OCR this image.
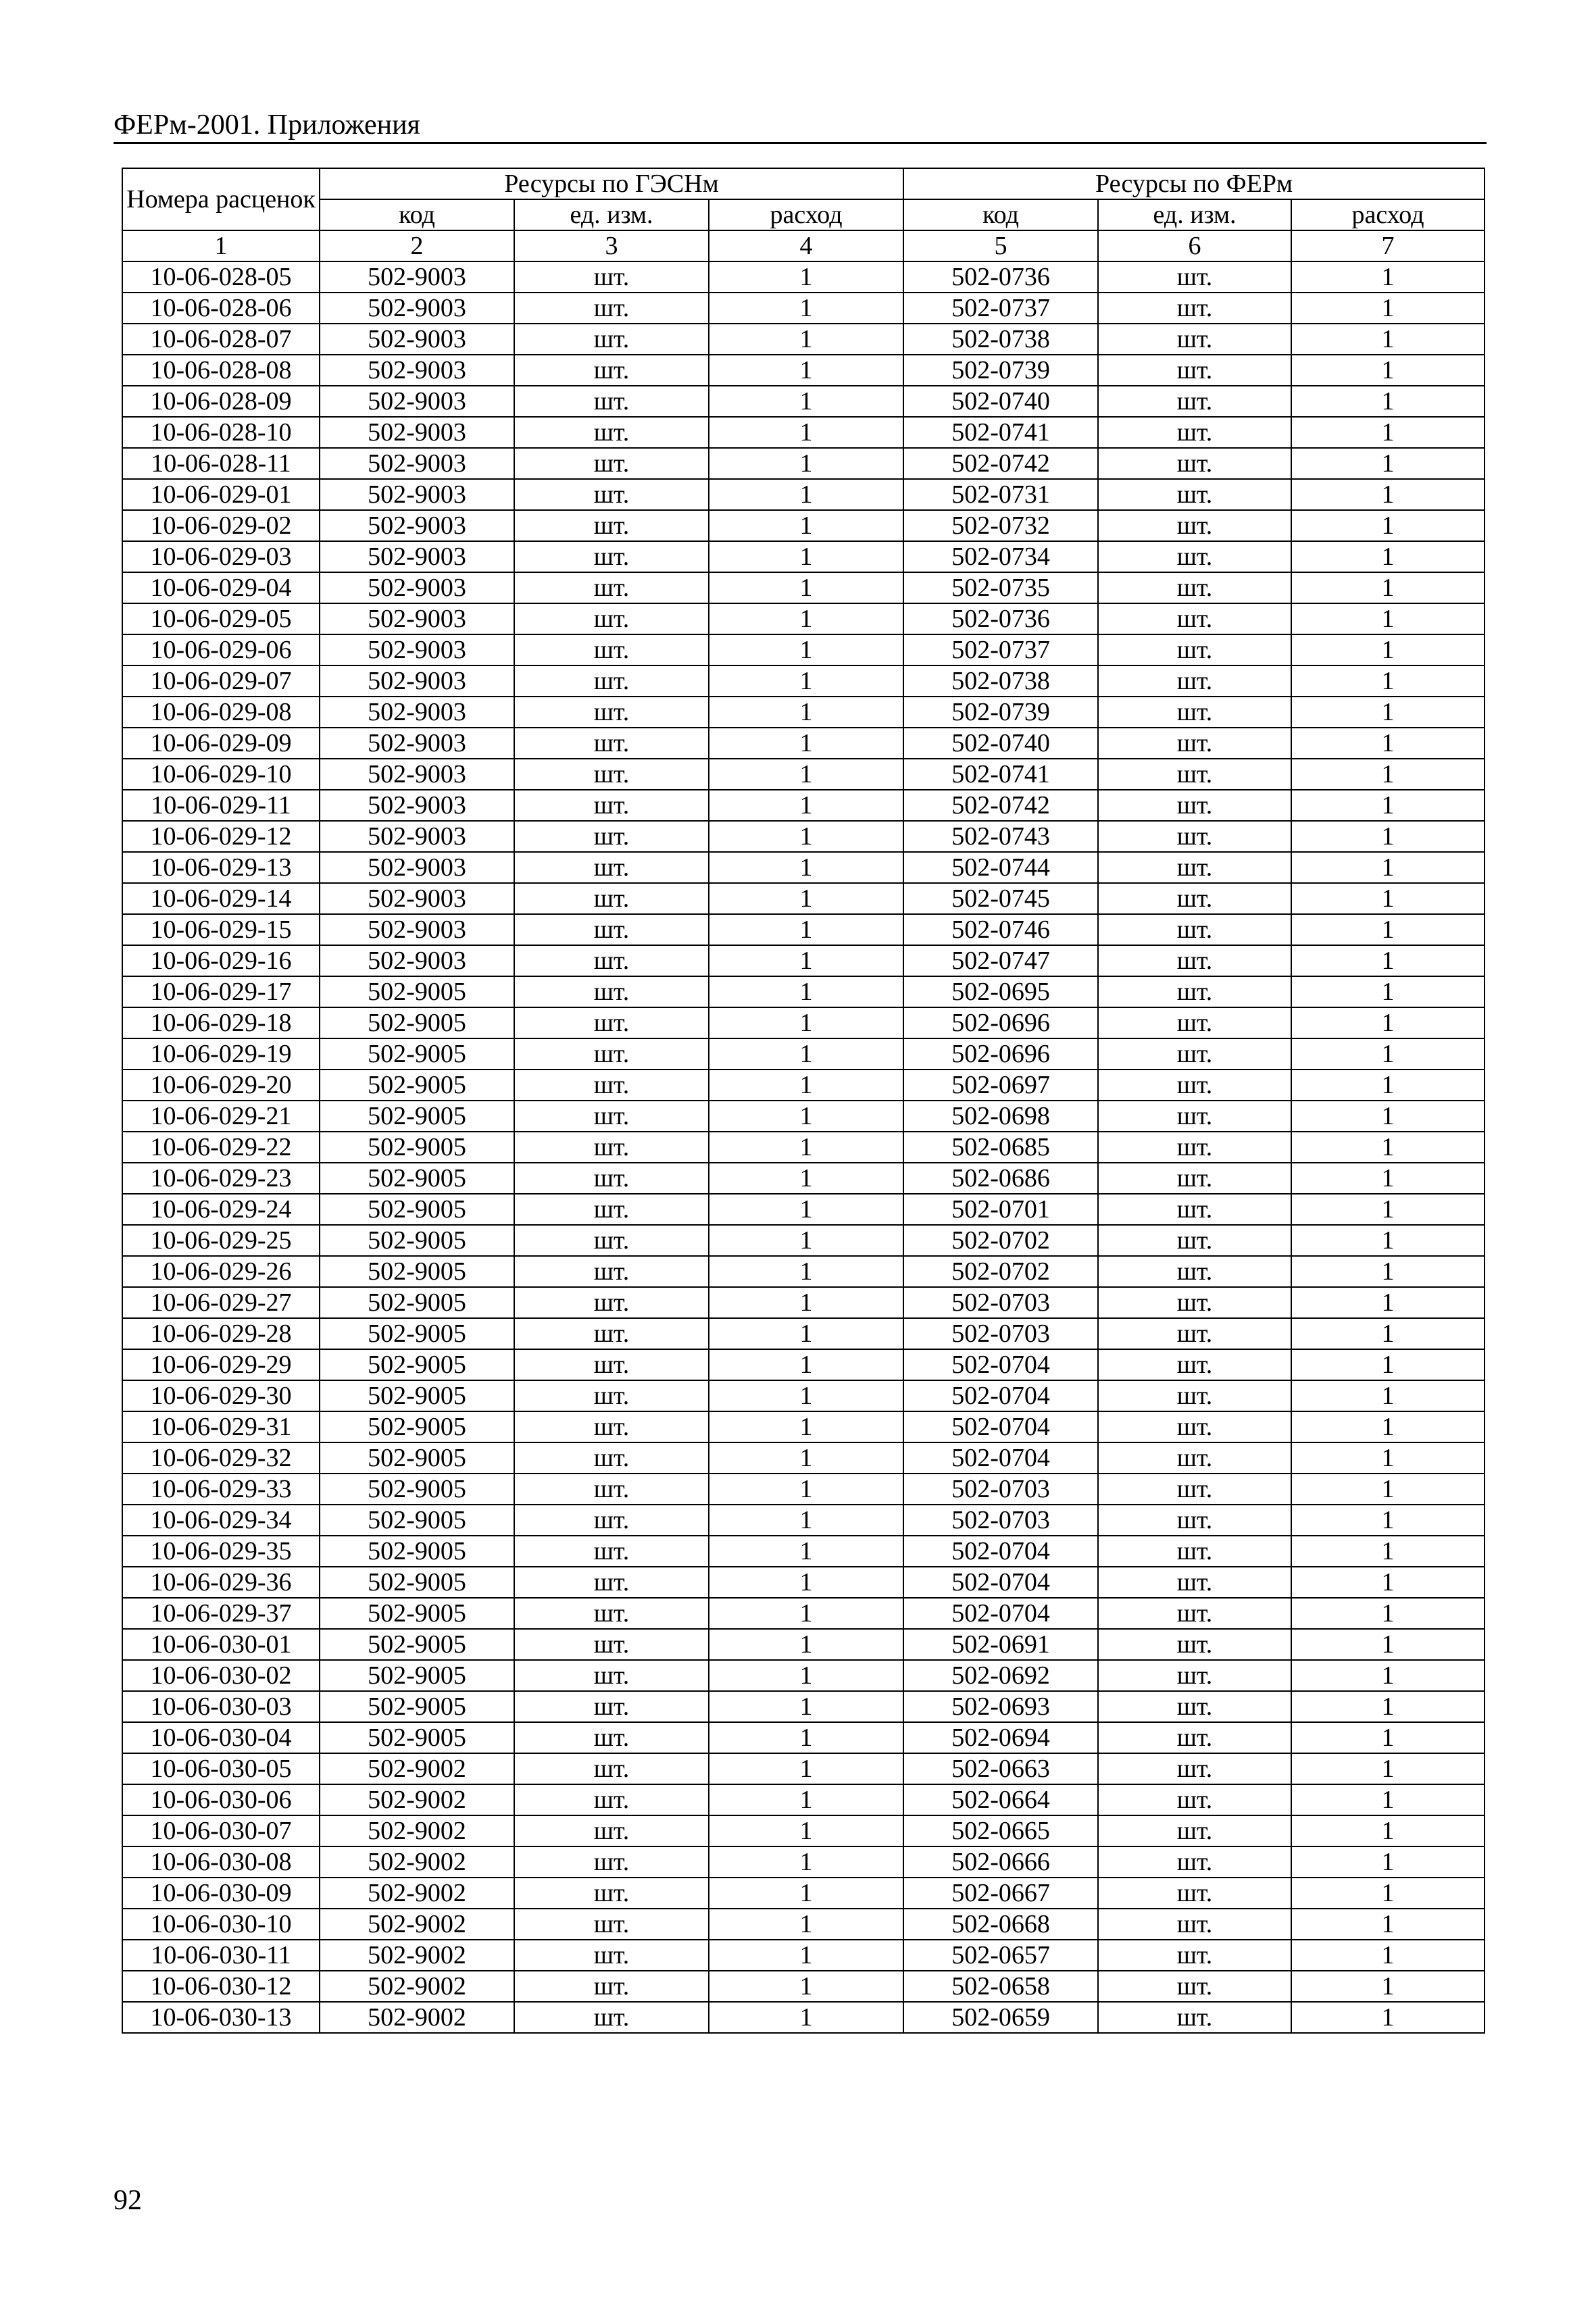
ФЕРм-2001. Приложения
Номера расценок	Ресурсы по ГЭСНм			Ресурсы по ФЕРм		
	код	ед. изм.	расход	код	ед. изм.	расход
1	2	3	4	5	6	7
10-06-028-05	502-9003	шт.	1	502-0736	шт.	1
10-06-028-06	502-9003	шт.	1	502-0737	шт.	1
10-06-028-07	502-9003	шт.	1	502-0738	шт.	1
10-06-028-08	502-9003	шт.	1	502-0739	шт.	1
10-06-028-09	502-9003	шт.	1	502-0740	шт.	1
10-06-028-10	502-9003	шт.	1	502-0741	шт.	1
10-06-028-11	502-9003	шт.	1	502-0742	шт.	1
10-06-029-01	502-9003	шт.	1	502-0731	шт.	1
10-06-029-02	502-9003	шт.	1	502-0732	шт.	1
10-06-029-03	502-9003	шт.	1	502-0734	шт.	1
10-06-029-04	502-9003	шт.	1	502-0735	шт.	1
10-06-029-05	502-9003	шт.	1	502-0736	шт.	1
10-06-029-06	502-9003	шт.	1	502-0737	шт.	1
10-06-029-07	502-9003	шт.	1	502-0738	шт.	1
10-06-029-08	502-9003	шт.	1	502-0739	шт.	1
10-06-029-09	502-9003	шт.	1	502-0740	шт.	1
10-06-029-10	502-9003	шт.	1	502-0741	шт.	1
10-06-029-11	502-9003	шт.	1	502-0742	шт.	1
10-06-029-12	502-9003	шт.	1	502-0743	шт.	1
10-06-029-13	502-9003	шт.	1	502-0744	шт.	1
10-06-029-14	502-9003	шт.	1	502-0745	шт.	1
10-06-029-15	502-9003	шт.	1	502-0746	шт.	1
10-06-029-16	502-9003	шт.	1	502-0747	шт.	1
10-06-029-17	502-9005	шт.	1	502-0695	шт.	1
10-06-029-18	502-9005	шт.	1	502-0696	шт.	1
10-06-029-19	502-9005	шт.	1	502-0696	шт.	1
10-06-029-20	502-9005	шт.	1	502-0697	шт.	1
10-06-029-21	502-9005	шт.	1	502-0698	шт.	1
10-06-029-22	502-9005	шт.	1	502-0685	шт.	1
10-06-029-23	502-9005	шт.	1	502-0686	шт.	1
10-06-029-24	502-9005	шт.	1	502-0701	шт.	1
10-06-029-25	502-9005	шт.	1	502-0702	шт.	1
10-06-029-26	502-9005	шт.	1	502-0702	шт.	1
10-06-029-27	502-9005	шт.	1	502-0703	шт.	1
10-06-029-28	502-9005	шт.	1	502-0703	шт.	1
10-06-029-29	502-9005	шт.	1	502-0704	шт.	1
10-06-029-30	502-9005	шт.	1	502-0704	шт.	1
10-06-029-31	502-9005	шт.	1	502-0704	шт.	1
10-06-029-32	502-9005	шт.	1	502-0704	шт.	1
10-06-029-33	502-9005	шт.	1	502-0703	шт.	1
10-06-029-34	502-9005	шт.	1	502-0703	шт.	1
10-06-029-35	502-9005	шт.	1	502-0704	шт.	1
10-06-029-36	502-9005	шт.	1	502-0704	шт.	1
10-06-029-37	502-9005	шт.	1	502-0704	шт.	1
10-06-030-01	502-9005	шт.	1	502-0691	шт.	1
10-06-030-02	502-9005	шт.	1	502-0692	шт.	1
10-06-030-03	502-9005	шт.	1	502-0693	шт.	1
10-06-030-04	502-9005	шт.	1	502-0694	шт.	1
10-06-030-05	502-9002	шт.	1	502-0663	шт.	1
10-06-030-06	502-9002	шт.	1	502-0664	шт.	1
10-06-030-07	502-9002	шт.	1	502-0665	шт.	1
10-06-030-08	502-9002	шт.	1	502-0666	шт.	1
10-06-030-09	502-9002	шт.	1	502-0667	шт.	1
10-06-030-10	502-9002	шт.	1	502-0668	шт.	1
10-06-030-11	502-9002	шт.	1	502-0657	шт.	1
10-06-030-12	502-9002	шт.	1	502-0658	шт.	1
10-06-030-13	502-9002	шт.	1	502-0659	шт.	1
92
